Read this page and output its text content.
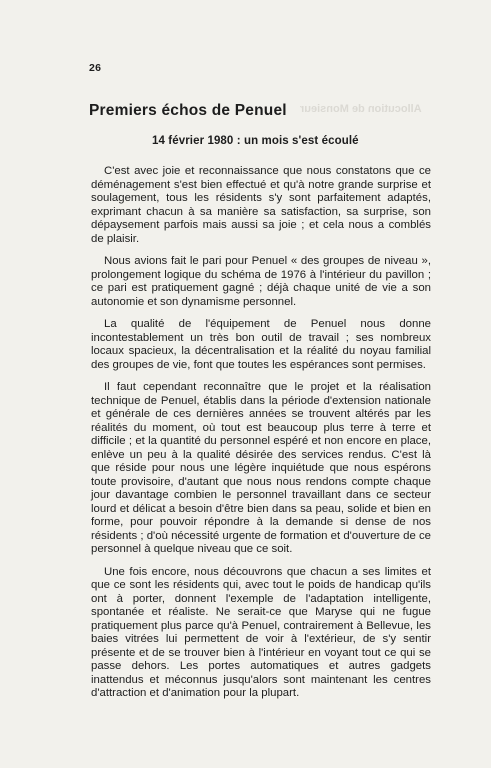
26
Premiers échos de Penuel Allocution de Monsieur
14 février 1980 : un mois s'est écoulé

C'est avec joie et reconnaissance que nous constatons que ce déménagement s'est bien effectué et qu'à notre grande surprise et soulagement, tous les résidents s'y sont parfaitement adaptés, exprimant chacun à sa manière sa satisfaction, sa surprise, son dépaysement parfois mais aussi sa joie ; et cela nous a comblés de plaisir.

Nous avions fait le pari pour Penuel « des groupes de niveau », prolongement logique du schéma de 1976 à l'intérieur du pavillon ; ce pari est pratiquement gagné ; déjà chaque unité de vie a son autonomie et son dynamisme personnel.

La qualité de l'équipement de Penuel nous donne incontestablement un très bon outil de travail ; ses nombreux locaux spacieux, la décentralisation et la réalité du noyau familial des groupes de vie, font que toutes les espérances sont permises.

Il faut cependant reconnaître que le projet et la réalisation technique de Penuel, établis dans la période d'extension nationale et générale de ces dernières années se trouvent altérés par les réalités du moment, où tout est beaucoup plus terre à terre et difficile ; et la quantité du personnel espéré et non encore en place, enlève un peu à la qualité désirée des services rendus. C'est là que réside pour nous une légère inquiétude que nous espérons toute provisoire, d'autant que nous nous rendons compte chaque jour davantage combien le personnel travaillant dans ce secteur lourd et délicat a besoin d'être bien dans sa peau, solide et bien en forme, pour pouvoir répondre à la demande si dense de nos résidents ; d'où nécessité urgente de formation et d'ouverture de ce personnel à quelque niveau que ce soit.

Une fois encore, nous découvrons que chacun a ses limites et que ce sont les résidents qui, avec tout le poids de handicap qu'ils ont à porter, donnent l'exemple de l'adaptation intelligente, spontanée et réaliste. Ne serait-ce que Maryse qui ne fugue pratiquement plus parce qu'à Penuel, contrairement à Bellevue, les baies vitrées lui permettent de voir à l'extérieur, de s'y sentir présente et de se trouver bien à l'intérieur en voyant tout ce qui se passe dehors. Les portes automatiques et autres gadgets inattendus et méconnus jusqu'alors sont maintenant les centres d'attraction et d'animation pour la plupart.
